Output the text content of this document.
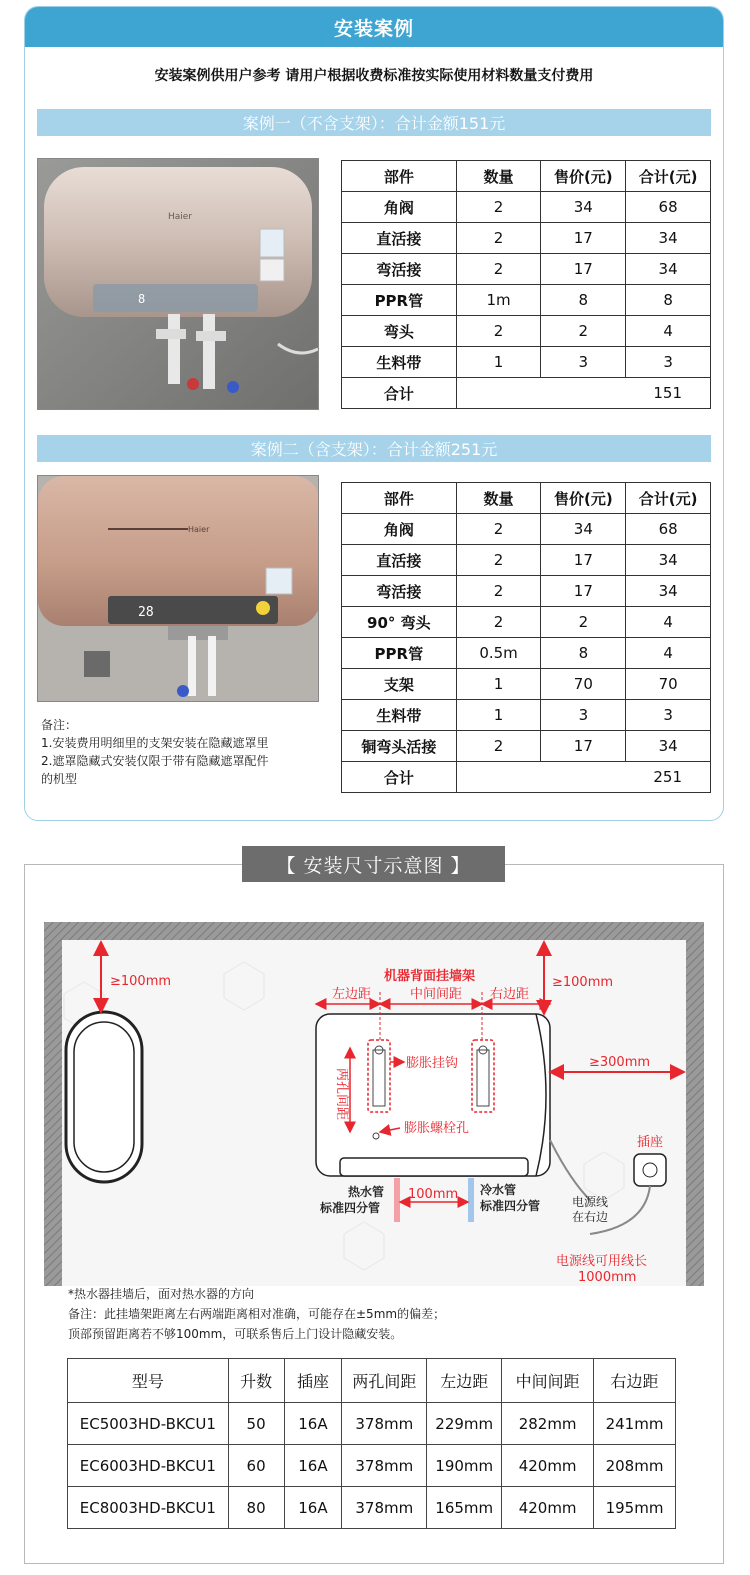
安装案例
安装案例供用户参考 请用户根据收费标准按实际使用材料数量支付费用
案例一（不含支架）：合计金额151元
8
Haier
部件	数量	售价(元)	合计(元)
角阀	2	34	68
直活接	2	17	34
弯活接	2	17	34
PPR管	1m	8	8
弯头	2	2	4
生料带	1	3	3
合计	151		
案例二（含支架）：合计金额251元
Haier
28
部件	数量	售价(元)	合计(元)
角阀	2	34	68
直活接	2	17	34
弯活接	2	17	34
90° 弯头	2	2	4
PPR管	0.5m	8	4
支架	1	70	70
生料带	1	3	3
铜弯头活接	2	17	34
合计	251		
备注：
1.安装费用明细里的支架安装在隐藏遮罩里
2.遮罩隐藏式安装仅限于带有隐藏遮罩配件
的机型
【 安装尺寸示意图 】
≥100mm	≥100mm
≥300mm
机器背面挂墙架
左边距	中间间距 右边距
两孔间距
膨胀挂钩
膨胀螺栓孔
100mm
热水管
标准四分管
冷水管
标准四分管
插座
电源线
在右边
电源线可用线长
1000mm
*热水器挂墙后，面对热水器的方向
备注：此挂墙架距离左右两端距离相对准确，可能存在±5mm的偏差；
顶部预留距离若不够100mm，可联系售后上门设计隐藏安装。
型号	升数	插座	两孔间距	左边距	中间间距	右边距
EC5003HD-BKCU1	50	16A	378mm	229mm	282mm	241mm
EC6003HD-BKCU1	60	16A	378mm	190mm	420mm	208mm
EC8003HD-BKCU1	80	16A	378mm	165mm	420mm	195mm
